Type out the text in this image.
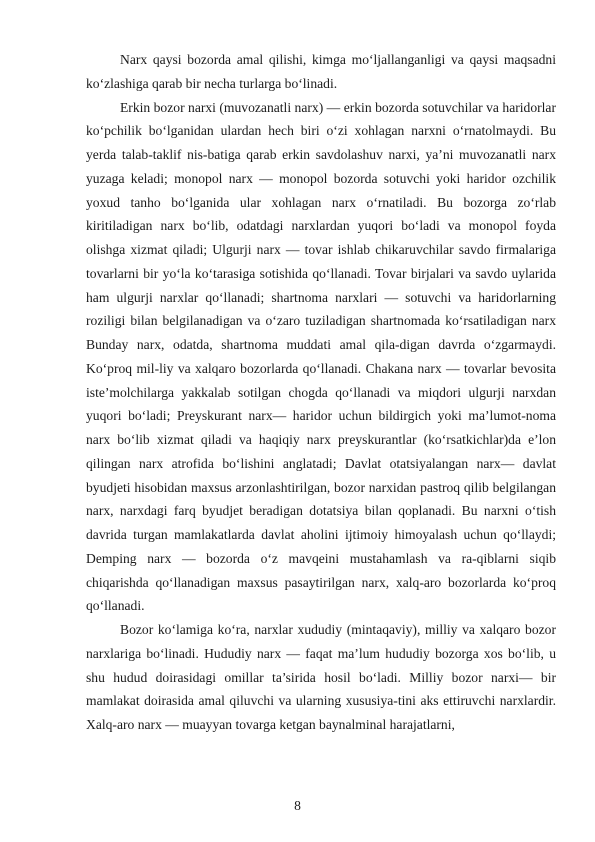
Narx qaysi bozorda amal qilishi, kimga mo‘ljallanganligi va qaysi maqsadni ko‘zlashiga qarab bir necha turlarga bo‘linadi.

Erkin bozor narxi (muvozanatli narx) — erkin bozorda sotuvchilar va haridorlar ko‘pchilik bo‘lganidan ulardan hech biri o‘zi xohlagan narxni o‘rnatolmaydi. Bu yerda talab-taklif nis-batiga qarab erkin savdolashuv narxi, ya’ni muvozanatli narx yuzaga keladi; monopol narx — monopol bozorda sotuvchi yoki haridor ozchilik yoxud tanho bo‘lganida ular xohlagan narx o‘rnatiladi. Bu bozorga zo‘rlab kiritiladigan narx bo‘lib, odatdagi narxlardan yuqori bo‘ladi va monopol foyda olishga xizmat qiladi; Ulgurji narx — tovar ishlab chikaruvchilar savdo firmalariga tovarlarni bir yo‘la ko‘tarasiga sotishida qo‘llanadi. Tovar birjalari va savdo uylarida ham ulgurji narxlar qo‘llanadi; shartnoma narxlari — sotuvchi va haridorlarning roziligi bilan belgilanadigan va o‘zaro tuziladigan shartnomada ko‘rsatiladigan narx Bunday narx, odatda, shartnoma muddati amal qila-digan davrda o‘zgarmaydi. Ko‘proq mil-liy va xalqaro bozorlarda qo‘llanadi. Chakana narx — tovarlar bevosita iste’molchilarga yakkalab sotilgan chogda qo‘llanadi va miqdori ulgurji narxdan yuqori bo‘ladi; Preyskurant narx— haridor uchun bildirgich yoki ma’lumot-noma narx bo‘lib xizmat qiladi va haqiqiy narx preyskurantlar (ko‘rsatkichlar)da e’lon qilingan narx atrofida bo‘lishini anglatadi; Davlat otatsiyalangan narx— davlat byudjeti hisobidan maxsus arzonlashtirilgan, bozor narxidan pastroq qilib belgilangan narx, narxdagi farq byudjet beradigan dotatsiya bilan qoplanadi. Bu narxni o‘tish davrida turgan mamlakatlarda davlat aholini ijtimoiy himoyalash uchun qo‘llaydi; Demping narx — bozorda o‘z mavqeini mustahamlash va ra-qiblarni siqib chiqarishda qo‘llanadigan maxsus pasaytirilgan narx, xalq-aro bozorlarda ko‘proq qo‘llanadi.

Bozor ko‘lamiga ko‘ra, narxlar xududiy (mintaqaviy), milliy va xalqaro bozor narxlariga bo‘linadi. Hududiy narx — faqat ma’lum hududiy bozorga xos bo‘lib, u shu hudud doirasidagi omillar ta’sirida hosil bo‘ladi. Milliy bozor narxi— bir mamlakat doirasida amal qiluvchi va ularning xususiya-tini aks ettiruvchi narxlardir. Xalq-aro narx — muayyan tovarga ketgan baynalminal harajatlarni,

8
